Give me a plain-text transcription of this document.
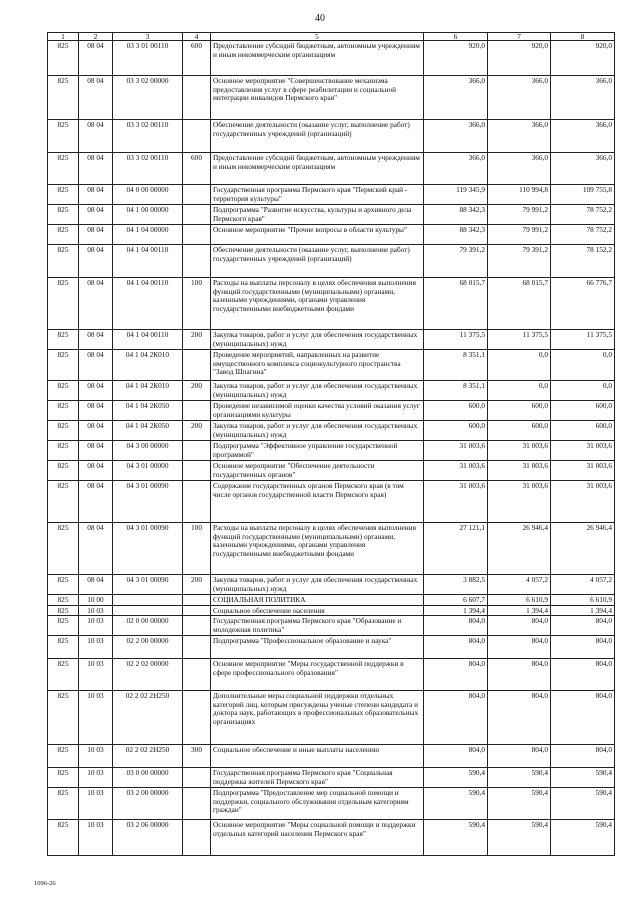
40
1	2	3	4	5	6	7	8
825	08 04	03 3 01 00110	600	Предоставление субсидий бюджетным, автономным учреждениям и иным некоммерческим организациям	920,0	920,0	920,0
825	08 04	03 3 02 00000		Основное мероприятие "Совершенствование механизма предоставления услуг в сфере реабилитации и социальной интеграции инвалидов Пермского края"	366,0	366,0	366,0
825	08 04	03 3 02 00110		Обеспечение деятельности (оказание услуг, выполнение работ) государственных учреждений (организаций)	366,0	366,0	366,0
825	08 04	03 3 02 00110	600	Предоставление субсидий бюджетным, автономным учреждениям и иным некоммерческим организациям	366,0	366,0	366,0
825	08 04	04 0 00 00000		Государственная программа Пермского края "Пермский край - территория культуры"	119 345,9	110 994,8	109 755,8
825	08 04	04 1 00 00000		Подпрограмма "Развитие искусства, культуры и архивного дела Пермского края"	88 342,3	79 991,2	78 752,2
825	08 04	04 1 04 00000		Основное мероприятие "Прочие вопросы в области культуры"	88 342,3	79 991,2	78 752,2
825	08 04	04 1 04 00110		Обеспечение деятельности (оказание услуг, выполнение работ) государственных учреждений (организаций)	79 391,2	79 391,2	78 152,2
825	08 04	04 1 04 00110	100	Расходы на выплаты персоналу в целях обеспечения выполнения функций государственными (муниципальными) органами, казенными учреждениями, органами управления государственными внебюджетными фондами	68 015,7	68 015,7	66 776,7
825	08 04	04 1 04 00110	200	Закупка товаров, работ и услуг для обеспечения государственных (муниципальных) нужд	11 375,5	11 375,5	11 375,5
825	08 04	04 1 04 2К010		Проведение мероприятий, направленных на развитие имущественного комплекса социокультурного пространства "Завод Шпагина"	8 351,1	0,0	0,0
825	08 04	04 1 04 2К010	200	Закупка товаров, работ и услуг для обеспечения государственных (муниципальных) нужд	8 351,1	0,0	0,0
825	08 04	04 1 04 2К050		Проведение независимой оценки качества условий оказания услуг организациями культуры	600,0	600,0	600,0
825	08 04	04 1 04 2К050	200	Закупка товаров, работ и услуг для обеспечения государственных (муниципальных) нужд	600,0	600,0	600,0
825	08 04	04 3 00 00000		Подпрограмма "Эффективное управление государственной программой"	31 003,6	31 003,6	31 003,6
825	08 04	04 3 01 00000		Основное мероприятие "Обеспечение деятельности государственных органов"	31 003,6	31 003,6	31 003,6
825	08 04	04 3 01 00090		Содержание государственных органов Пермского края (в том числе органов государственной власти Пермского края)	31 003,6	31 003,6	31 003,6
825	08 04	04 3 01 00090	100	Расходы на выплаты персоналу в целях обеспечения выполнения функций государственными (муниципальными) органами, казенными учреждениями, органами управления государственными внебюджетными фондами	27 121,1	26 946,4	26 946,4
825	08 04	04 3 01 00090	200	Закупка товаров, работ и услуг для обеспечения государственных (муниципальных) нужд	3 882,5	4 057,2	4 057,2
825	10 00			СОЦИАЛЬНАЯ ПОЛИТИКА	6 607,7	6 610,9	6 610,9
825	10 03			Социальное обеспечение населения	1 394,4	1 394,4	1 394,4
825	10 03	02 0 00 00000		Государственная программа Пермского края "Образование и молодежная политика"	804,0	804,0	804,0
825	10 03	02 2 00 00000		Подпрограмма "Профессиональное образование и наука"	804,0	804,0	804,0
825	10 03	02 2 02 00000		Основное мероприятие "Меры государственной поддержки в сфере профессионального образования"	804,0	804,0	804,0
825	10 03	02 2 02 2Н250		Дополнительные меры социальной поддержки отдельных категорий лиц, которым присуждены ученые степени кандидата и доктора наук, работающих в профессиональных образовательных организациях	804,0	804,0	804,0
825	10 03	02 2 02 2Н250	300	Социальное обеспечение и иные выплаты населению	804,0	804,0	804,0
825	10 03	03 0 00 00000		Государственная программа Пермского края "Социальная поддержка жителей Пермского края"	590,4	590,4	590,4
825	10 03	03 2 00 00000		Подпрограмма "Предоставление мер социальной помощи и поддержки, социального обслуживания отдельным категориям граждан"	590,4	590,4	590,4
825	10 03	03 2 06 00000		Основное мероприятие "Меры социальной помощи и поддержки отдельных категорий населения Пермского края"	590,4	590,4	590,4
1096-26
